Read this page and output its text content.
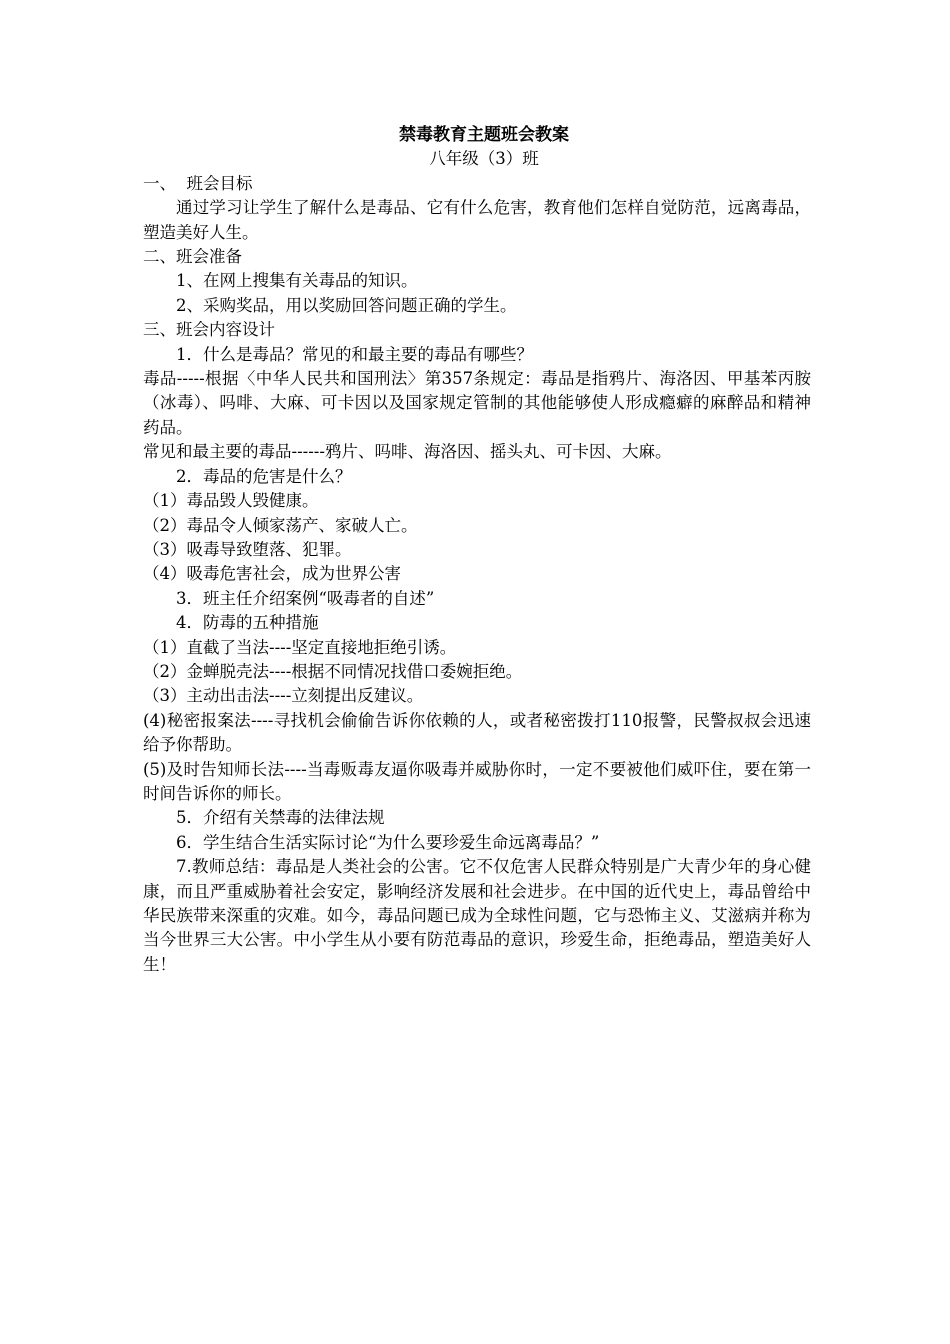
禁毒教育主题班会教案

八年级（3）班

一、  班会目标

通过学习让学生了解什么是毒品、它有什么危害，教育他们怎样自觉防范，远离毒品，塑造美好人生。

二、班会准备

1、在网上搜集有关毒品的知识。

2、采购奖品，用以奖励回答问题正确的学生。

三、班会内容设计

1．什么是毒品？常见的和最主要的毒品有哪些？

毒品-----根据〈中华人民共和国刑法〉第357条规定：毒品是指鸦片、海洛因、甲基苯丙胺（冰毒）、吗啡、大麻、可卡因以及国家规定管制的其他能够使人形成瘾癖的麻醉品和精神药品。

常见和最主要的毒品------鸦片、吗啡、海洛因、摇头丸、可卡因、大麻。

2．毒品的危害是什么？

（1）毒品毁人毁健康。

（2）毒品令人倾家荡产、家破人亡。

（3）吸毒导致堕落、犯罪。

（4）吸毒危害社会，成为世界公害

3．班主任介绍案例“吸毒者的自述”

4．防毒的五种措施

（1）直截了当法----坚定直接地拒绝引诱。

（2）金蝉脱壳法----根据不同情况找借口委婉拒绝。

（3）主动出击法----立刻提出反建议。

(4)秘密报案法----寻找机会偷偷告诉你依赖的人，或者秘密拨打110报警，民警叔叔会迅速给予你帮助。

(5)及时告知师长法----当毒贩毒友逼你吸毒并威胁你时，一定不要被他们威吓住，要在第一时间告诉你的师长。

5．介绍有关禁毒的法律法规

6．学生结合生活实际讨论“为什么要珍爱生命远离毒品？”

7.教师总结：毒品是人类社会的公害。它不仅危害人民群众特别是广大青少年的身心健康，而且严重威胁着社会安定，影响经济发展和社会进步。在中国的近代史上，毒品曾给中华民族带来深重的灾难。如今，毒品问题已成为全球性问题，它与恐怖主义、艾滋病并称为当今世界三大公害。中小学生从小要有防范毒品的意识，珍爱生命，拒绝毒品，塑造美好人生！
